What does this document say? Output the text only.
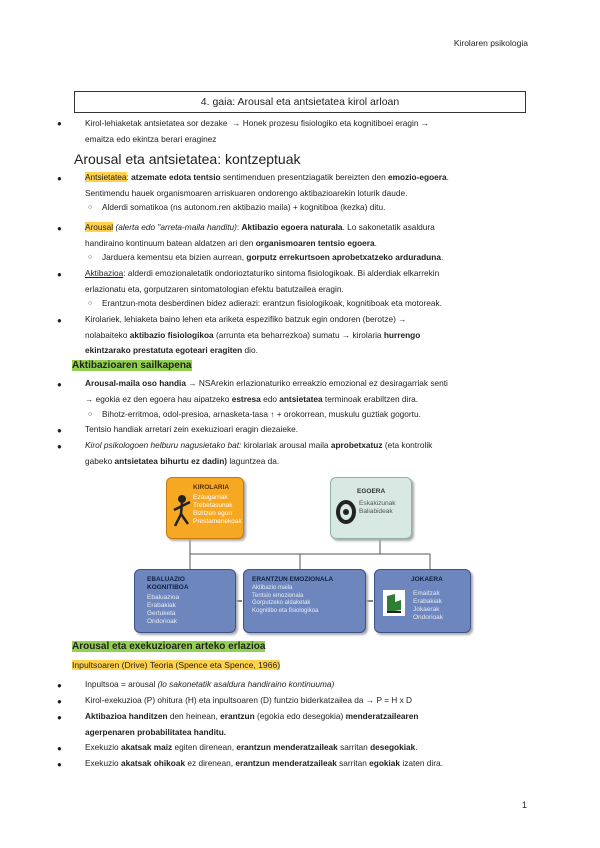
Kirolaren psikologia
4. gaia: Arousal eta antsietatea kirol arloan
●	Kirol-lehiaketak antsietatea sor dezake → Honek prozesu fisiologiko eta kognitiboei eragin →
emaitza edo ekintza berari eraginez
Arousal eta antsietatea: kontzeptuak
●	Antsietatea: atzemate edota tentsio sentimenduen presentziagatik bereizten den emozio-egoera.
Sentimendu hauek organismoaren arriskuaren ondorengo aktibazioarekin loturik daude.
○ Alderdi somatikoa (ns autonom.ren aktibazio maila) + kognitiboa (kezka) ditu.
●	Arousal (alerta edo "arreta-maila handitu): Aktibazio egoera naturala. Lo sakonetatik asaldura
handiraino kontinuum batean aldatzen ari den organismoaren tentsio egoera.
○ Jarduera kementsu eta bizien aurrean, gorputz errekurtsoen aprobetxatzeko arduraduna.
●	Aktibazioa: alderdi emozionaletatik ondorioztaturiko sintoma fisiologikoak. Bi alderdiak elkarrekin
erlazionatu eta, gorputzaren sintomatologian efektu batutzailea eragin.
○ Erantzun-mota desberdinen bidez adierazi: erantzun fisiologikoak, kognitiboak eta motoreak.
●	Kirolariek, lehiaketa baino lehen eta ariketa espezifiko batzuk egin ondoren (berotze) →
nolabaiteko aktibazio fisiologikoa (arrunta eta beharrezkoa) sumatu → kirolaria hurrengo
ekintzarako prestatuta egoteari eragiten dio.
Aktibazioaren sailkapena
●	Arousal-maila oso handia → NSArekin erlazionaturiko erreakzio emozional ez desiragarriak senti
→ egokia ez den egoera hau aipatzeko estresa edo antsietatea terminoak erabiltzen dira.
○ Bihotz-erritmoa, odol-presioa, arnasketa-tasa ↑ + orokorrean, muskulu guztiak gogortu.
●	Tentsio handiak arretari zein exekuzioari eragin diezaieke.
●	Kirol psikologoen helburu nagusietako bat: kirolariak arousal maila aprobetxatuz (eta kontrolik
gabeko antsietatea bihurtu ez dadin) laguntzea da.
KIROLARIA
Ezaugarriak
Trebetasunak
Bizitzen egon
Prestamenekoak
EGOERA
Eskakizunak
Baliabideak
EBALUAZIO
KOGNITIBOA
Ebaluazioa
Erabakiak
Gertuketa
Ondorioak
ERANTZUN EMOZIONALA
Aktibazio maila
Tentsio emozionala
Gorputzeko aldaketak
Kognitibo eta fisiologikoa
JOKAERA
Emaitzak
Erabakiak
Jokaerak
Ondorioak
Arousal eta exekuzioaren arteko erlazioa
Inpultsoaren (Drive) Teoria (Spence eta Spence, 1966)
●	Inpultsoa = arousal (lo sakonetatik asaldura handiraino kontinuuma)
●	Kirol-exekuzioa (P) ohitura (H) eta inpultsoaren (D) funtzio biderkatzailea da → P = H x D
●	Aktibazioa handitzen den heinean, erantzun (egokia edo desegokia) menderatzailearen
agerpenaren probabilitatea handitu.
●	Exekuzio akatsak maiz egiten direnean, erantzun menderatzaileak sarritan desegokiak.
●	Exekuzio akatsak ohikoak ez direnean, erantzun menderatzaileak sarritan egokiak izaten dira.
1
